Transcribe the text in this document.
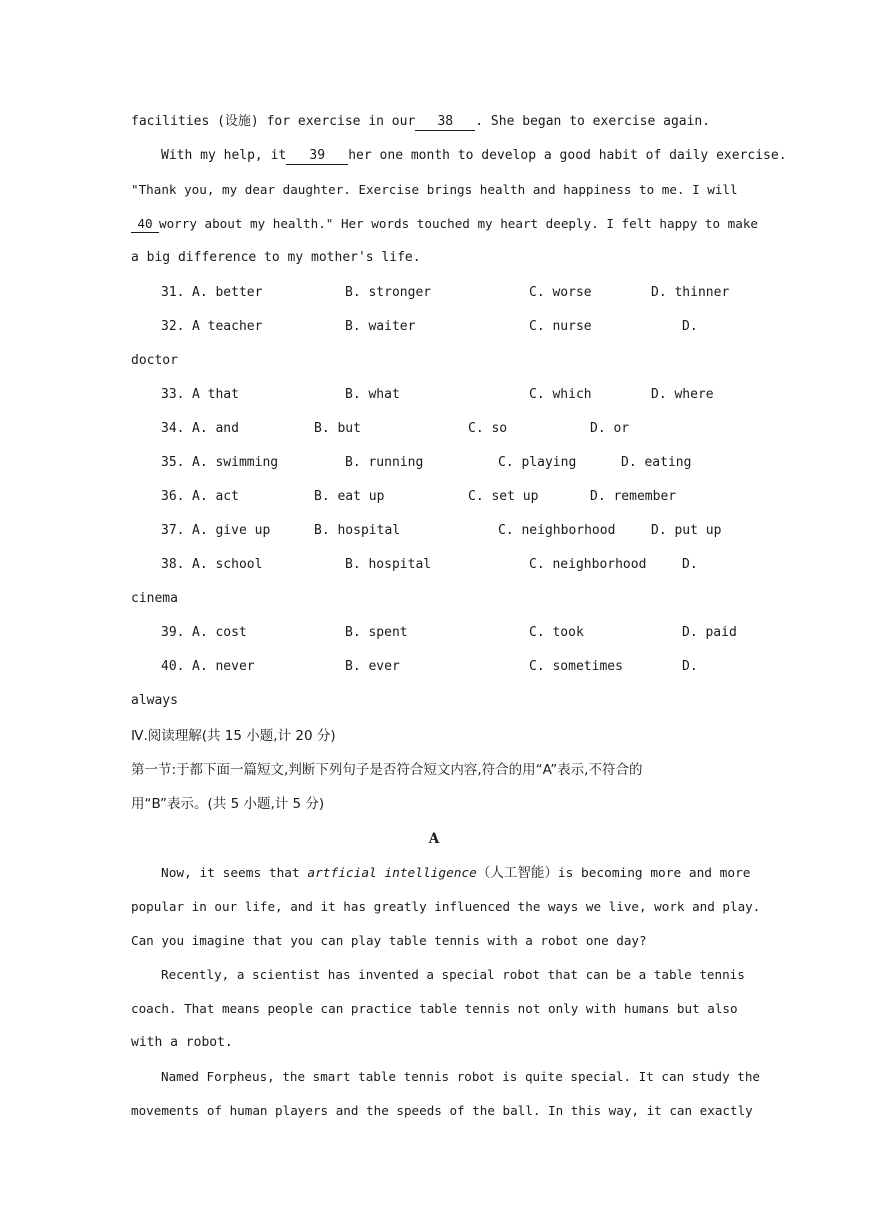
facilities (设施) for exercise in our 38 . She began to exercise again.
With my help, it 39 her one month to develop a good habit of daily exercise.
"Thank you, my dear daughter. Exercise brings health and happiness to me. I will
40 worry about my health." Her words touched my heart deeply. I felt happy to make
a big difference to my mother's life.
31. A. better	B. stronger	C. worse	D. thinner
32. A teacher	B. waiter	C. nurse	D.
doctor
33. A that	B. what	C. which	D. where
34. A. and	B. but	C. so	D. or
35. A. swimming	B. running	C. playing	D. eating
36. A. act	B. eat up	C. set up	D. remember
37. A. give up	B. hospital	C. neighborhood	D. put up
38. A. school	B. hospital	C. neighborhood	D.
cinema
39. A. cost	B. spent	C. took	D. paid
40. A. never	B. ever	C. sometimes	D.
always
Ⅳ.阅读理解(共 15 小题,计 20 分)
第一节:于都下面一篇短文,判断下列句子是否符合短文内容,符合的用“A”表示,不符合的
用“B”表示。(共 5 小题,计 5 分)
A
Now, it seems that artficial intelligence（人工智能）is becoming more and more
popular in our life, and it has greatly influenced the ways we live, work and play.
Can you imagine that you can play table tennis with a robot one day?
Recently, a scientist has invented a special robot that can be a table tennis
coach. That means people can practice table tennis not only with humans but also
with a robot.
Named Forpheus, the smart table tennis robot is quite special. It can study the
movements of human players and the speeds of the ball. In this way, it can exactly
